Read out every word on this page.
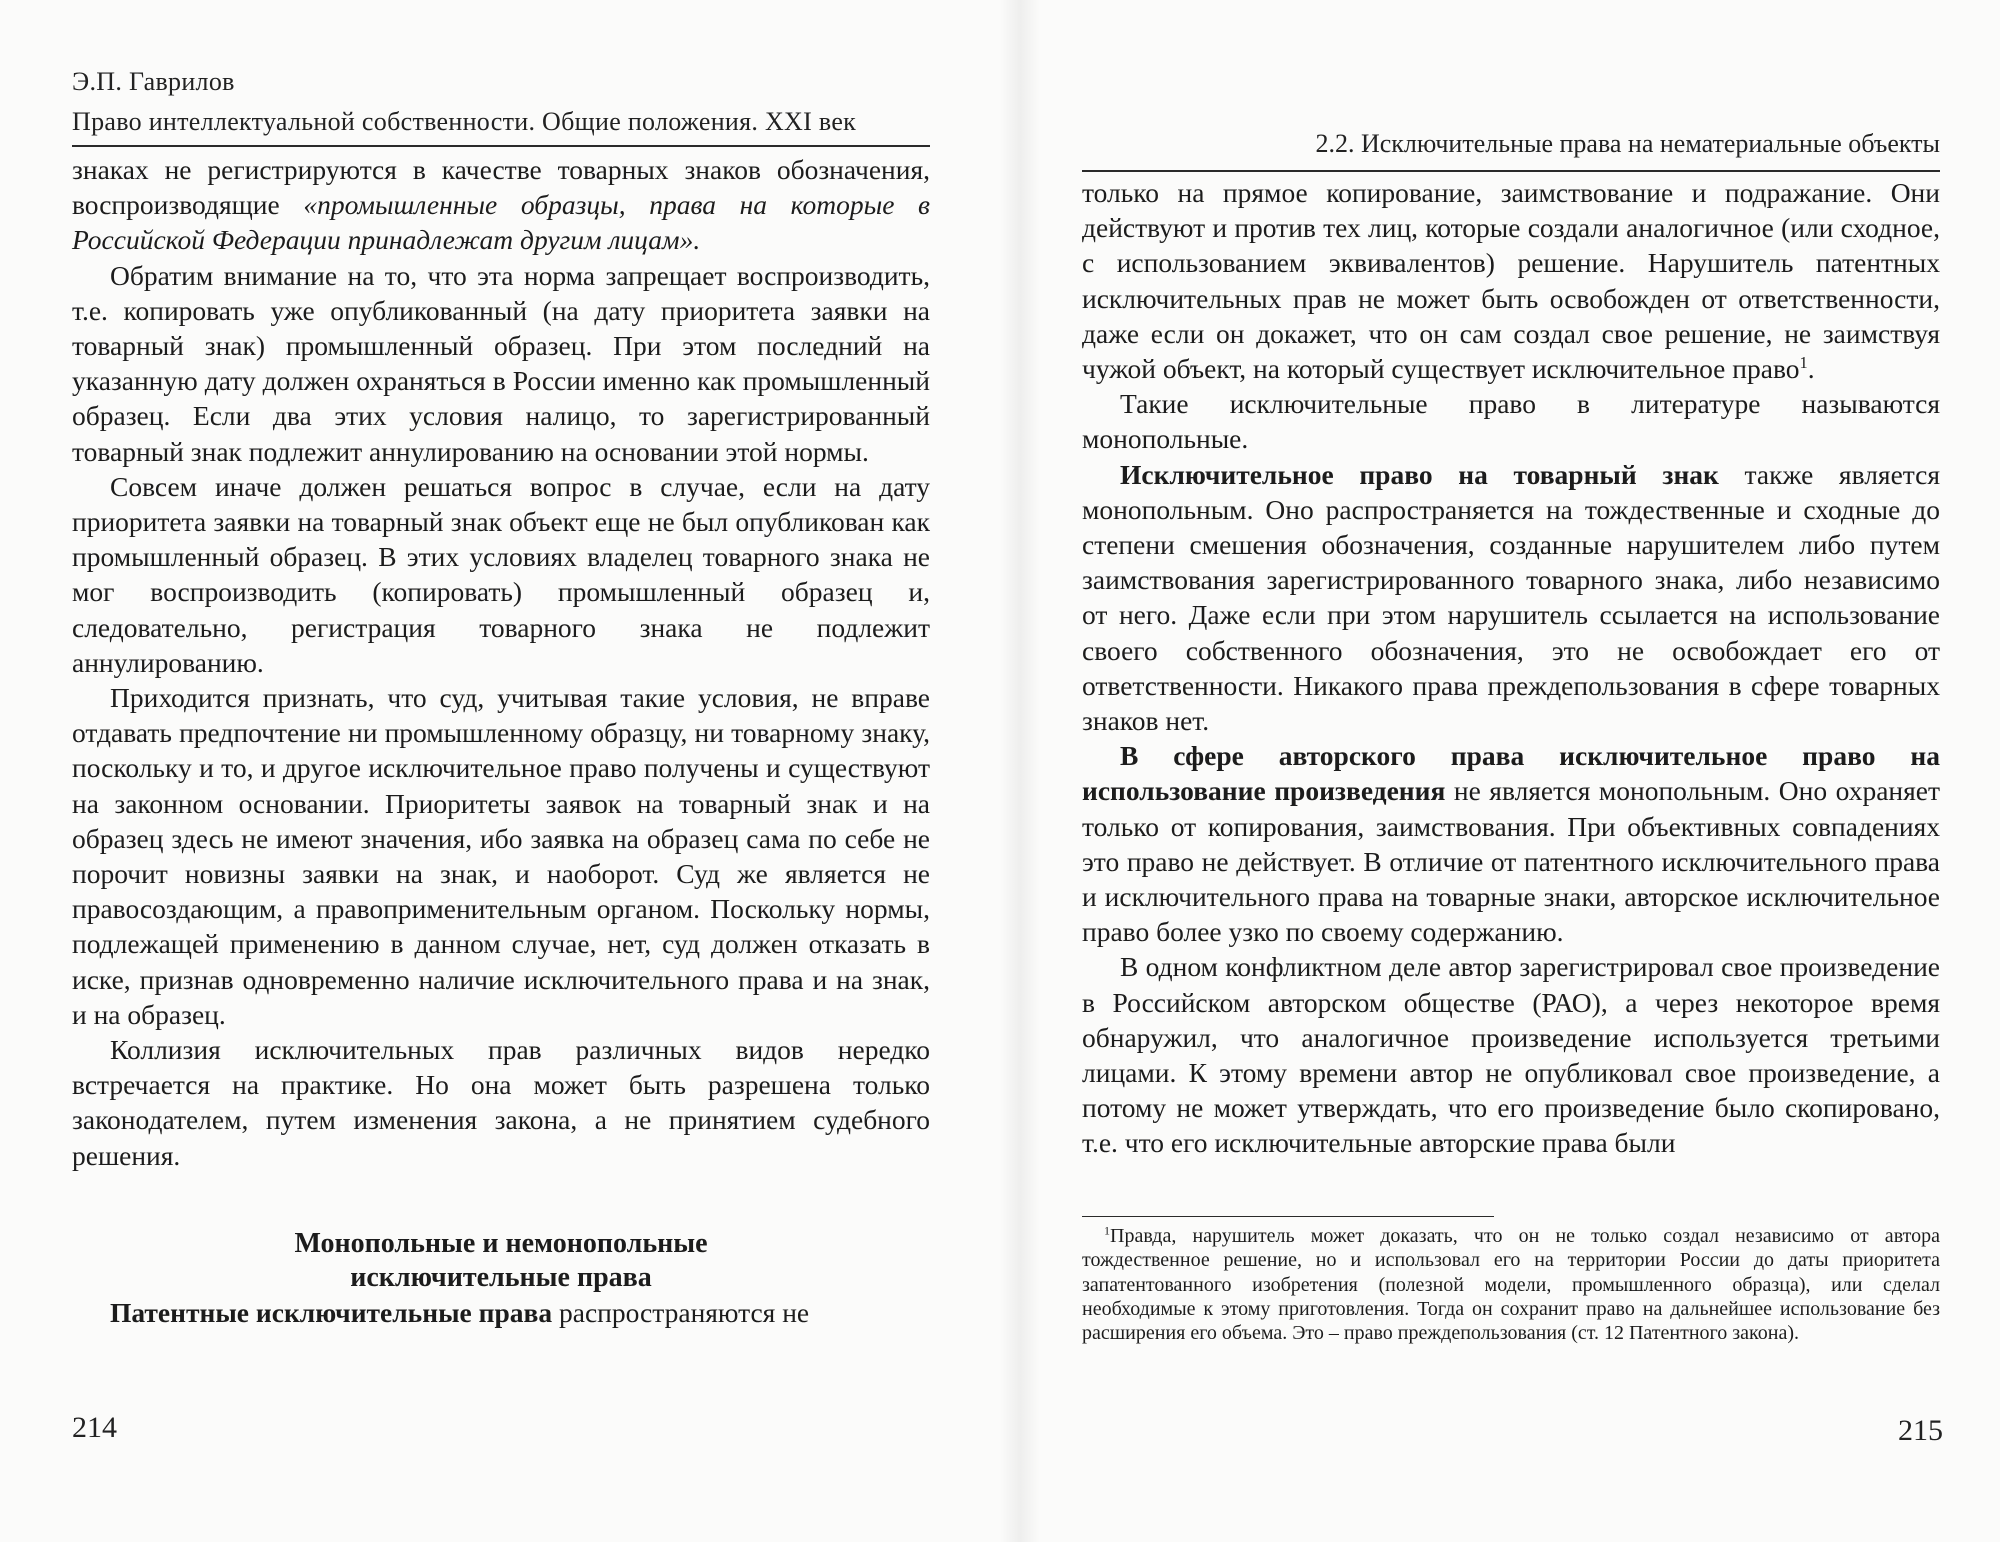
Э.П. Гаврилов
Право интеллектуальной собственности. Общие положения. XXI век

знаках не регистрируются в качестве товарных знаков обозначения, воспроизводящие «промышленные образцы, права на которые в Российской Федерации принадлежат другим лицам».

Обратим внимание на то, что эта норма запрещает воспроизводить, т.е. копировать уже опубликованный (на дату приоритета заявки на товарный знак) промышленный образец. При этом последний на указанную дату должен охраняться в России именно как промышленный образец. Если два этих условия налицо, то зарегистрированный товарный знак подлежит аннулированию на основании этой нормы.

Совсем иначе должен решаться вопрос в случае, если на дату приоритета заявки на товарный знак объект еще не был опубликован как промышленный образец. В этих условиях владелец товарного знака не мог воспроизводить (копировать) промышленный образец и, следовательно, регистрация товарного знака не подлежит аннулированию.

Приходится признать, что суд, учитывая такие условия, не вправе отдавать предпочтение ни промышленному образцу, ни товарному знаку, поскольку и то, и другое исключительное право получены и существуют на законном основании. Приоритеты заявок на товарный знак и на образец здесь не имеют значения, ибо заявка на образец сама по себе не порочит новизны заявки на знак, и наоборот. Суд же является не правосоздающим, а правоприменительным органом. Поскольку нормы, подлежащей применению в данном случае, нет, суд должен отказать в иске, признав одновременно наличие исключительного права и на знак, и на образец.

Коллизия исключительных прав различных видов нередко встречается на практике. Но она может быть разрешена только законодателем, путем изменения закона, а не принятием судебного решения.

Монопольные и немонопольные
исключительные права

Патентные исключительные права распространяются не

214
2.2. Исключительные права на нематериальные объекты

только на прямое копирование, заимствование и подражание. Они действуют и против тех лиц, которые создали аналогичное (или сходное, с использованием эквивалентов) решение. Нарушитель патентных исключительных прав не может быть освобожден от ответственности, даже если он докажет, что он сам создал свое решение, не заимствуя чужой объект, на который существует исключительное право$^1$.

Такие исключительные право в литературе называются монопольные.

Исключительное право на товарный знак также является монопольным. Оно распространяется на тождественные и сходные до степени смешения обозначения, созданные нарушителем либо путем заимствования зарегистрированного товарного знака, либо независимо от него. Даже если при этом нарушитель ссылается на использование своего собственного обозначения, это не освобождает его от ответственности. Никакого права преждепользования в сфере товарных знаков нет.

В сфере авторского права исключительное право на использование произведения не является монопольным. Оно охраняет только от копирования, заимствования. При объективных совпадениях это право не действует. В отличие от патентного исключительного права и исключительного права на товарные знаки, авторское исключительное право более узко по своему содержанию.

В одном конфликтном деле автор зарегистрировал свое произведение в Российском авторском обществе (РАО), а через некоторое время обнаружил, что аналогичное произведение используется третьими лицами. К этому времени автор не опубликовал свое произведение, а потому не может утверждать, что его произведение было скопировано, т.е. что его исключительные авторские права были

$^1$Правда, нарушитель может доказать, что он не только создал независимо от автора тождественное решение, но и использовал его на территории России до даты приоритета запатентованного изобретения (полезной модели, промышленного образца), или сделал необходимые к этому приготовления. Тогда он сохранит право на дальнейшее использование без расширения его объема. Это – право преждепользования (ст. 12 Патентного закона).
215
